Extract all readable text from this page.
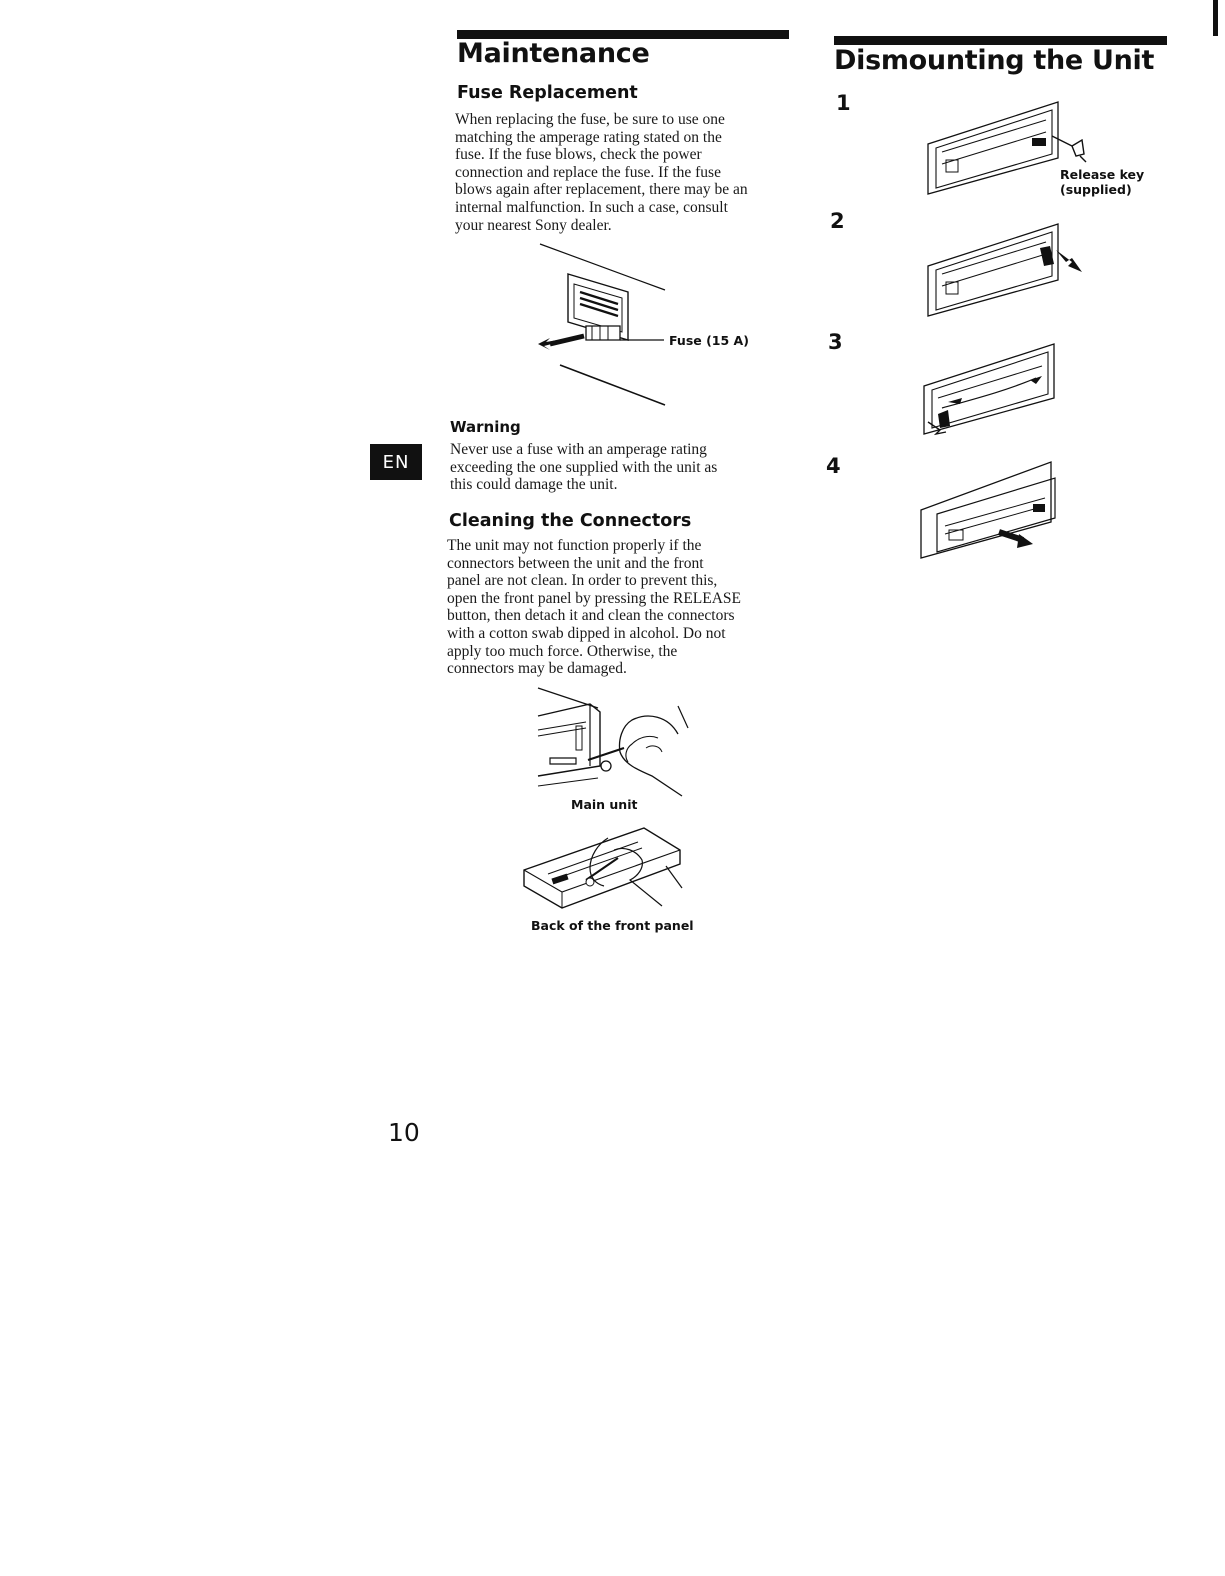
Maintenance
Fuse Replacement
When replacing the fuse, be sure to use one
matching the amperage rating stated on the
fuse. If the fuse blows, check the power
connection and replace the fuse. If the fuse
blows again after replacement, there may be an
internal malfunction. In such a case, consult
your nearest Sony dealer.
Fuse (15 A)
Warning
Never use a fuse with an amperage rating
exceeding the one supplied with the unit as
this could damage the unit.
Cleaning the Connectors
The unit may not function properly if the
connectors between the unit and the front
panel are not clean. In order to prevent this,
open the front panel by pressing the RELEASE
button, then detach it and clean the connectors
with a cotton swab dipped in alcohol. Do not
apply too much force. Otherwise, the
connectors may be damaged.
Main unit
Back of the front panel
EN
10
Dismounting the Unit
1
2
3
4
Release key
(supplied)
